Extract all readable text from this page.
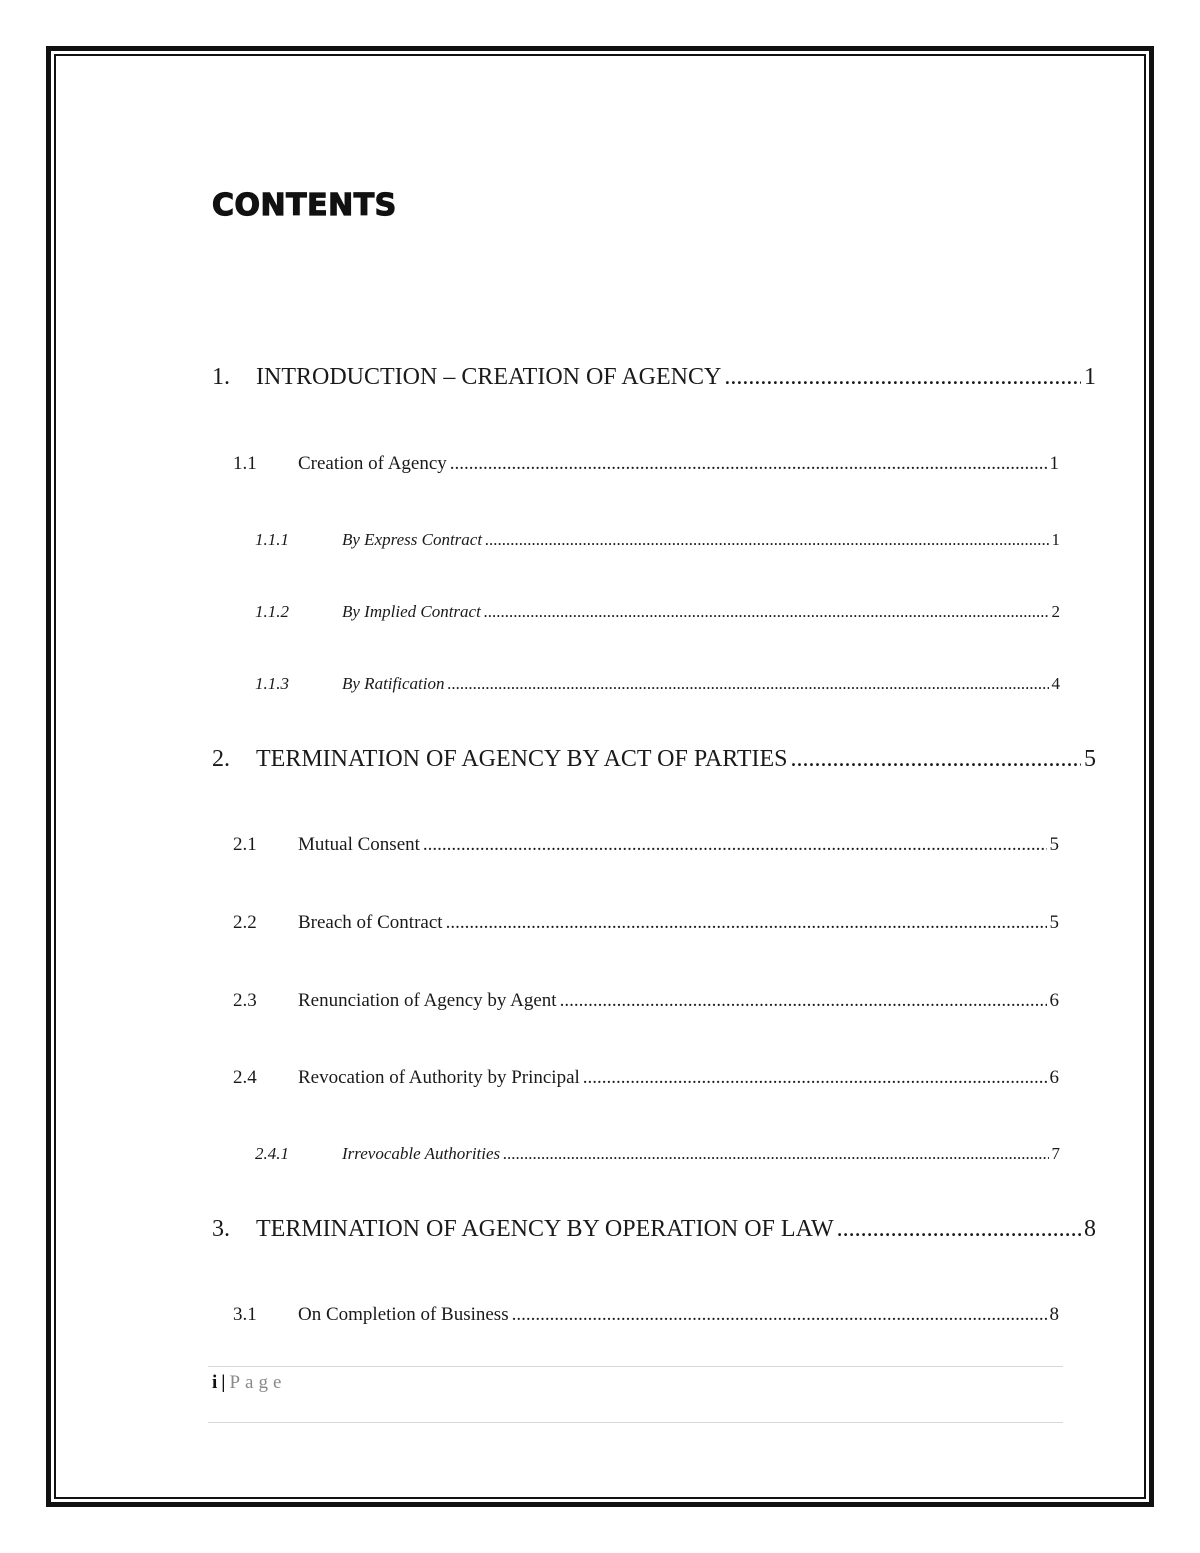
CONTENTS
1.	INTRODUCTION – CREATION OF AGENCY .....	1
1.1	Creation of Agency .....	1
1.1.1	By Express Contract .....	1
1.1.2	By Implied Contract .....	2
1.1.3	By Ratification .....	4
2.	TERMINATION OF AGENCY BY ACT OF PARTIES .....	5
2.1	Mutual Consent .....	5
2.2	Breach of Contract .....	5
2.3	Renunciation of Agency by Agent .....	6
2.4	Revocation of Authority by Principal .....	6
2.4.1	Irrevocable Authorities .....	7
3.	TERMINATION OF AGENCY BY OPERATION OF LAW .....	8
3.1	On Completion of Business .....	8
i | Page
